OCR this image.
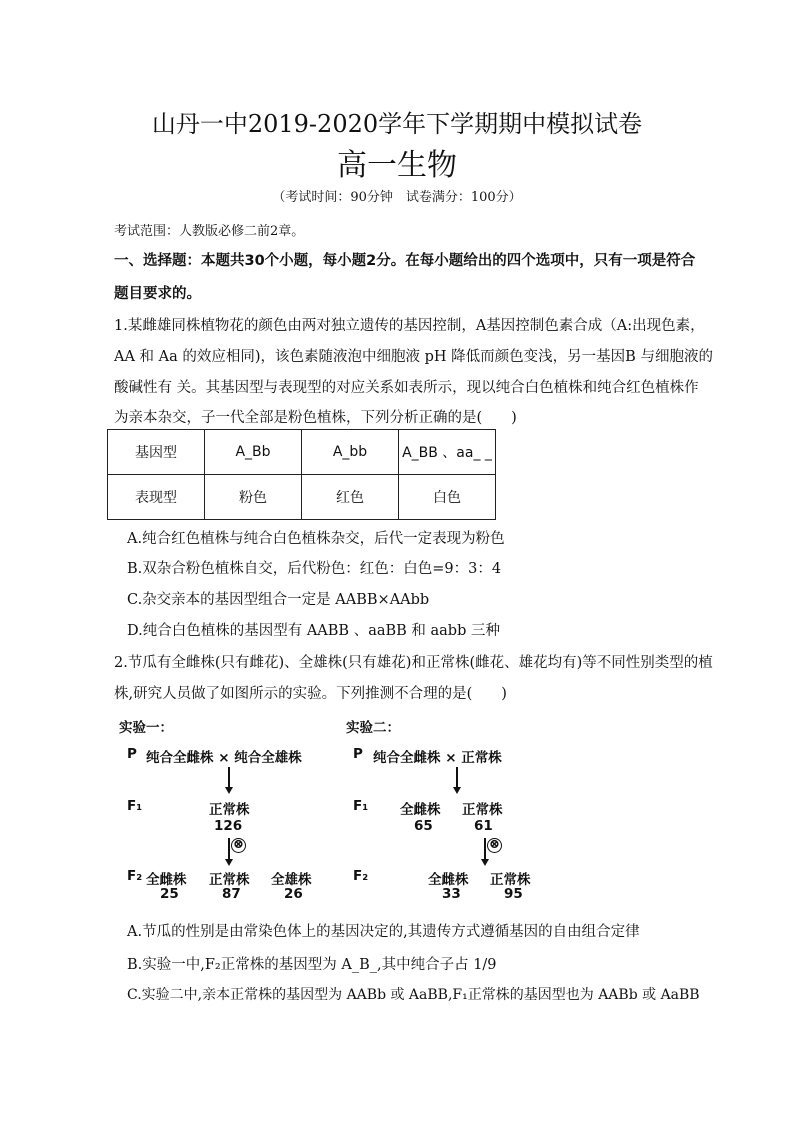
山丹一中2019-2020学年下学期期中模拟试卷
高一生物
（考试时间：90分钟　试卷满分：100分）
考试范围：人教版必修二前2章。
一、选择题：本题共30个小题，每小题2分。在每小题给出的四个选项中，只有一项是符合
题目要求的。
1.某雌雄同株植物花的颜色由两对独立遗传的基因控制，A基因控制色素合成（A:出现色素，
AA 和 Aa 的效应相同)，该色素随液泡中细胞液 pH 降低而颜色变浅，另一基因B 与细胞液的
酸碱性有 关。其基因型与表现型的对应关系如表所示，现以纯合白色植株和纯合红色植株作
为亲本杂交，子一代全部是粉色植株，下列分析正确的是(　　)
基因型	A_Bb	A_bb	A_BB 、aa_ _
表现型	粉色	红色	白色
A.纯合红色植株与纯合白色植株杂交，后代一定表现为粉色
B.双杂合粉色植株自交，后代粉色：红色：白色=9：3：4
C.杂交亲本的基因型组合一定是 AABB×AAbb
D.纯合白色植株的基因型有 AABB 、aaBB 和 aabb 三种
2.节瓜有全雌株(只有雌花)、全雄株(只有雄花)和正常株(雌花、雄花均有)等不同性别类型的植
株,研究人员做了如图所示的实验。下列推测不合理的是(　　)
实验一：
P 纯合全雌株 × 纯合全雄株
F₁	正常株
126
⊗
F₂ 全雌株
25
正常株
87
全雄株
26
实验二：
P 纯合全雌株 × 正常株
F₁ 全雌株
65
正常株
61
⊗
F₂	全雌株
33
正常株
95
A.节瓜的性别是由常染色体上的基因决定的,其遗传方式遵循基因的自由组合定律
B.实验一中,F₂正常株的基因型为 A_B_,其中纯合子占 1/9
C.实验二中,亲本正常株的基因型为 AABb 或 AaBB,F₁正常株的基因型也为 AABb 或 AaBB
